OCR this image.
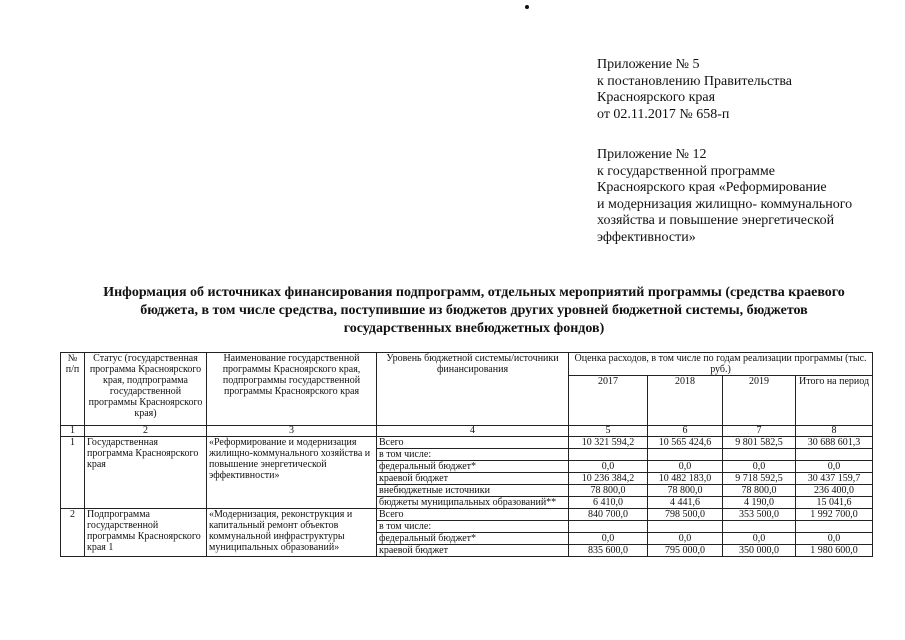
Приложение № 5
к постановлению Правительства
Красноярского края
от 02.11.2017 № 658-п
Приложение № 12
к государственной программе
Красноярского края «Реформирование
и модернизация жилищно- коммунального
хозяйства и повышение энергетической
эффективности»
Информация об источниках финансирования подпрограмм, отдельных мероприятий программы (средства краевого
бюджета, в том числе средства, поступившие из бюджетов других уровней бюджетной системы, бюджетов
государственных внебюджетных фондов)
№ п/п	Статус (государственная программа Красноярского края, подпрограмма государственной программы Красноярского края)	Наименование государственной программы Красноярского края, подпрограммы государственной программы Красноярского края	Уровень бюджетной системы/источники финансирования	Оценка расходов, в том числе по годам реализации программы (тыс. руб.)			
				2017	2018	2019	Итого на период
1	2	3	4	5	6	7	8
1	Государственная программа Красноярского края	«Реформирование и модернизация жилищно-коммунального хозяйства и повышение энергетической эффективности»	Всего	10 321 594,2	10 565 424,6	9 801 582,5	30 688 601,3
			в том числе:				
			федеральный бюджет*	0,0	0,0	0,0	0,0
			краевой бюджет	10 236 384,2	10 482 183,0	9 718 592,5	30 437 159,7
			внебюджетные источники	78 800,0	78 800,0	78 800,0	236 400,0
			бюджеты муниципальных образований**	6 410,0	4 441,6	4 190,0	15 041,6
2	Подпрограмма государственной программы Красноярского края 1	«Модернизация, реконструкция и капитальный ремонт объектов коммунальной инфраструктуры муниципальных образований»	Всего	840 700,0	798 500,0	353 500,0	1 992 700,0
			в том числе:				
			федеральный бюджет*	0,0	0,0	0,0	0,0
			краевой бюджет	835 600,0	795 000,0	350 000,0	1 980 600,0
